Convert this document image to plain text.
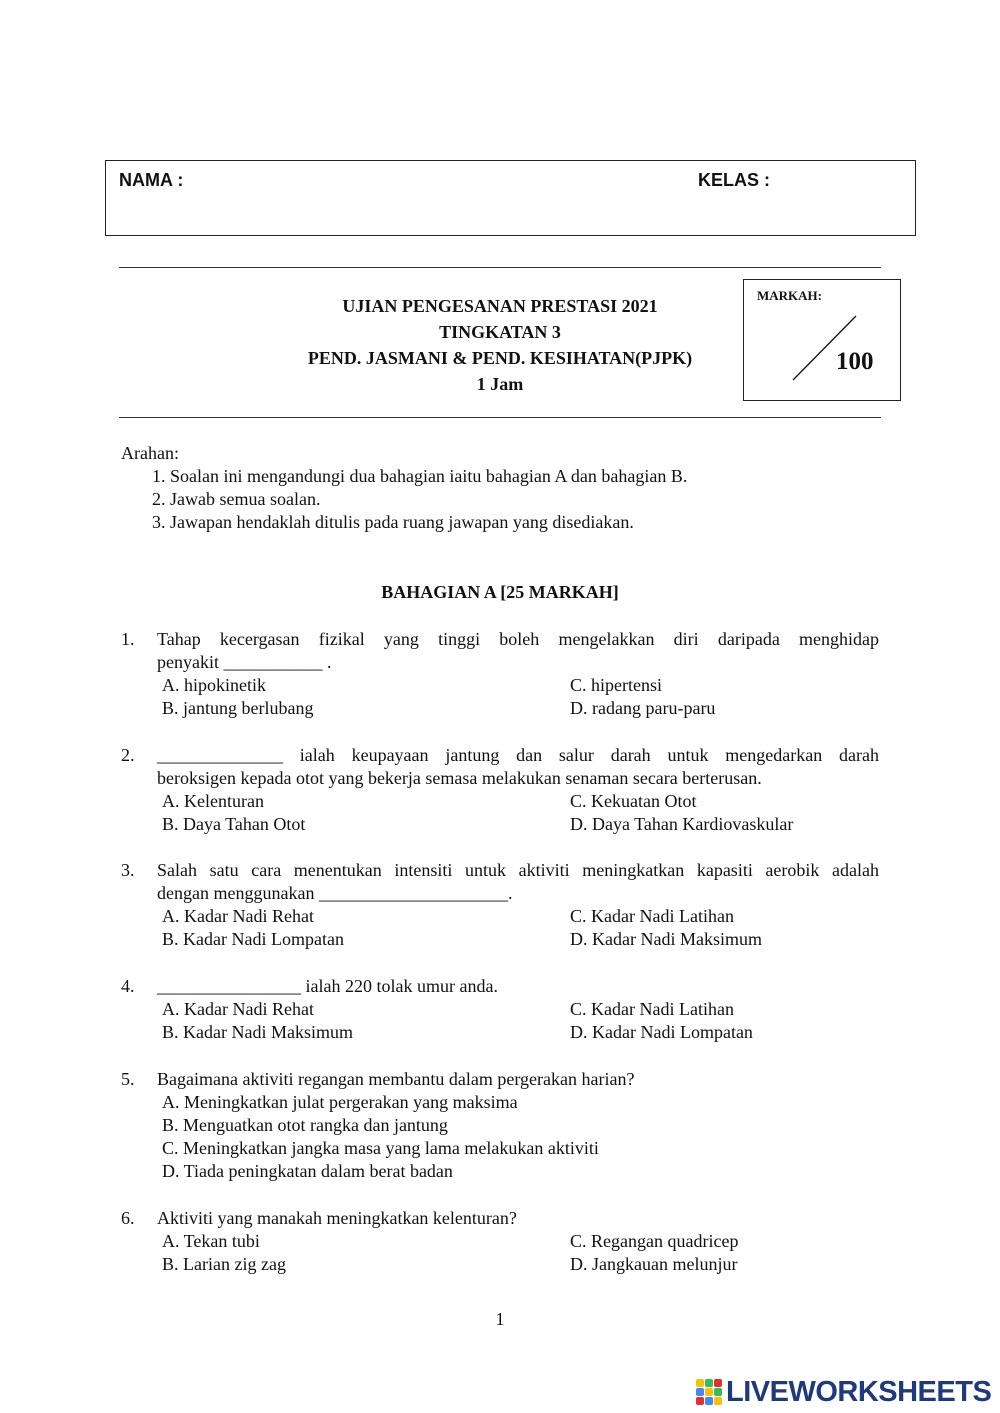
NAMA :	KELAS :
UJIAN PENGESANAN PRESTASI 2021
TINGKATAN 3
PEND. JASMANI & PEND. KESIHATAN(PJPK)
1 Jam
MARKAH:
100
Arahan:
1. Soalan ini mengandungi dua bahagian iaitu bahagian A dan bahagian B.
2. Jawab semua soalan.
3. Jawapan hendaklah ditulis pada ruang jawapan yang disediakan.
BAHAGIAN A [25 MARKAH]
1. Tahap kecergasan fizikal yang tinggi boleh mengelakkan diri daripada menghidap
penyakit ___________ .
A. hipokinetik	C. hipertensi
B. jantung berlubang	D. radang paru-paru
2. ______________ ialah keupayaan jantung dan salur darah untuk mengedarkan darah
beroksigen kepada otot yang bekerja semasa melakukan senaman secara berterusan.
A. Kelenturan	C. Kekuatan Otot
B. Daya Tahan Otot	D. Daya Tahan Kardiovaskular
3. Salah satu cara menentukan intensiti untuk aktiviti meningkatkan kapasiti aerobik adalah
dengan menggunakan _____________________.
A. Kadar Nadi Rehat	C. Kadar Nadi Latihan
B. Kadar Nadi Lompatan	D. Kadar Nadi Maksimum
4. ________________ ialah 220 tolak umur anda.
A. Kadar Nadi Rehat	C. Kadar Nadi Latihan
B. Kadar Nadi Maksimum	D. Kadar Nadi Lompatan
5. Bagaimana aktiviti regangan membantu dalam pergerakan harian?
A. Meningkatkan julat pergerakan yang maksima
B. Menguatkan otot rangka dan jantung
C. Meningkatkan jangka masa yang lama melakukan aktiviti
D. Tiada peningkatan dalam berat badan
6. Aktiviti yang manakah meningkatkan kelenturan?
A. Tekan tubi	C. Regangan quadricep
B. Larian zig zag	D. Jangkauan melunjur
1
LIVEWORKSHEETS
